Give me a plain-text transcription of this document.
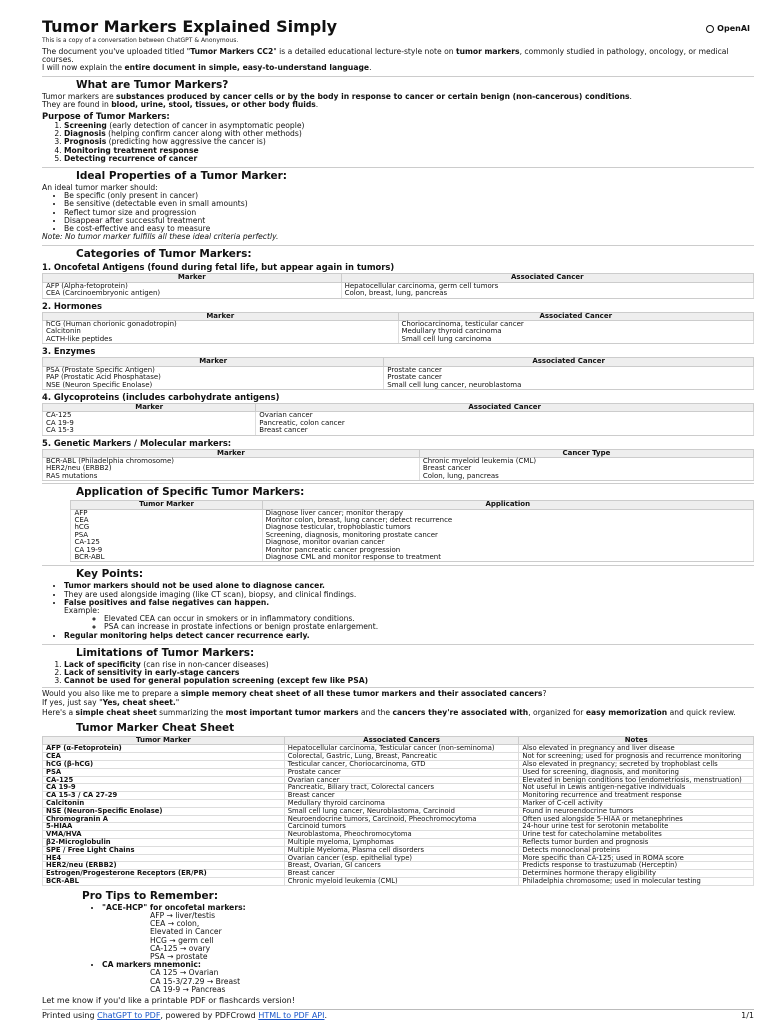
Tumor Markers Explained Simply	OpenAI
This is a copy of a conversation between ChatGPT & Anonymous.

The document you've uploaded titled "Tumor Markers CC2" is a detailed educational lecture-style note on tumor markers, commonly studied in pathology, oncology, or medical courses.

I will now explain the entire document in simple, easy-to-understand language.

What are Tumor Markers?

Tumor markers are substances produced by cancer cells or by the body in response to cancer or certain benign (non-cancerous) conditions.

They are found in blood, urine, stool, tissues, or other body fluids.

Purpose of Tumor Markers:
1. Screening (early detection of cancer in asymptomatic people)
2. Diagnosis (helping confirm cancer along with other methods)
3. Prognosis (predicting how aggressive the cancer is)
4. Monitoring treatment response
5. Detecting recurrence of cancer
Ideal Properties of a Tumor Marker:

An ideal tumor marker should:

• Be specific (only present in cancer)
• Be sensitive (detectable even in small amounts)
• Reflect tumor size and progression
• Disappear after successful treatment
• Be cost-effective and easy to measure

Note: No tumor marker fulfills all these ideal criteria perfectly.

Categories of Tumor Markers:
1. Oncofetal Antigens (found during fetal life, but appear again in tumors)
Marker	Associated Cancer
AFP (Alpha-fetoprotein)	Hepatocellular carcinoma, germ cell tumors
CEA (Carcinoembryonic antigen)	Colon, breast, lung, pancreas
2. Hormones
Marker	Associated Cancer
hCG (Human chorionic gonadotropin)	Choriocarcinoma, testicular cancer
Calcitonin	Medullary thyroid carcinoma
ACTH-like peptides	Small cell lung carcinoma
3. Enzymes
Marker	Associated Cancer
PSA (Prostate Specific Antigen)	Prostate cancer
PAP (Prostatic Acid Phosphatase)	Prostate cancer
NSE (Neuron Specific Enolase)	Small cell lung cancer, neuroblastoma
4. Glycoproteins (includes carbohydrate antigens)
Marker	Associated Cancer
CA-125	Ovarian cancer
CA 19-9	Pancreatic, colon cancer
CA 15-3	Breast cancer
5. Genetic Markers / Molecular markers:
Marker	Cancer Type
BCR-ABL (Philadelphia chromosome)	Chronic myeloid leukemia (CML)
HER2/neu (ERBB2)	Breast cancer
RAS mutations	Colon, lung, pancreas
Application of Specific Tumor Markers:
Tumor Marker	Application
AFP	Diagnose liver cancer; monitor therapy
CEA	Monitor colon, breast, lung cancer; detect recurrence
hCG	Diagnose testicular, trophoblastic tumors
PSA	Screening, diagnosis, monitoring prostate cancer
CA-125	Diagnose, monitor ovarian cancer
CA 19-9	Monitor pancreatic cancer progression
BCR-ABL	Diagnose CML and monitor response to treatment
Key Points:
• Tumor markers should not be used alone to diagnose cancer.
• They are used alongside imaging (like CT scan), biopsy, and clinical findings.
• False positives and false negatives can happen.
Example:
◦ Elevated CEA can occur in smokers or in inflammatory conditions.
◦ PSA can increase in prostate infections or benign prostate enlargement.
• Regular monitoring helps detect cancer recurrence early.
Limitations of Tumor Markers:
1. Lack of specificity (can rise in non-cancer diseases)
2. Lack of sensitivity in early-stage cancers
3. Cannot be used for general population screening (except few like PSA)

Would you also like me to prepare a simple memory cheat sheet of all these tumor markers and their associated cancers?

If yes, just say "Yes, cheat sheet."

Here's a simple cheat sheet summarizing the most important tumor markers and the cancers they're associated with, organized for easy memorization and quick review.

Tumor Marker Cheat Sheet
Tumor Marker	Associated Cancers	Notes
AFP (α-Fetoprotein)	Hepatocellular carcinoma, Testicular cancer (non-seminoma)	Also elevated in pregnancy and liver disease
CEA	Colorectal, Gastric, Lung, Breast, Pancreatic	Not for screening; used for prognosis and recurrence monitoring
hCG (β-hCG)	Testicular cancer, Choriocarcinoma, GTD	Also elevated in pregnancy; secreted by trophoblast cells
PSA	Prostate cancer	Used for screening, diagnosis, and monitoring
CA-125	Ovarian cancer	Elevated in benign conditions too (endometriosis, menstruation)
CA 19-9	Pancreatic, Biliary tract, Colorectal cancers	Not useful in Lewis antigen-negative individuals
CA 15-3 / CA 27-29	Breast cancer	Monitoring recurrence and treatment response
Calcitonin	Medullary thyroid carcinoma	Marker of C-cell activity
NSE (Neuron-Specific Enolase)	Small cell lung cancer, Neuroblastoma, Carcinoid	Found in neuroendocrine tumors
Chromogranin A	Neuroendocrine tumors, Carcinoid, Pheochromocytoma	Often used alongside 5-HIAA or metanephrines
5-HIAA	Carcinoid tumors	24-hour urine test for serotonin metabolite
VMA/HVA	Neuroblastoma, Pheochromocytoma	Urine test for catecholamine metabolites
β2-Microglobulin	Multiple myeloma, Lymphomas	Reflects tumor burden and prognosis
SPE / Free Light Chains	Multiple Myeloma, Plasma cell disorders	Detects monoclonal proteins
HE4	Ovarian cancer (esp. epithelial type)	More specific than CA-125; used in ROMA score
HER2/neu (ERBB2)	Breast, Ovarian, GI cancers	Predicts response to trastuzumab (Herceptin)
Estrogen/Progesterone Receptors (ER/PR)	Breast cancer	Determines hormone therapy eligibility
BCR-ABL	Chronic myeloid leukemia (CML)	Philadelphia chromosome; used in molecular testing
Pro Tips to Remember:
• "ACE-HCP" for oncofetal markers:
AFP → liver/testis
CEA → colon,
Elevated in Cancer
HCG → germ cell
CA-125 → ovary
PSA → prostate
• CA markers mnemonic:
CA 125 → Ovarian
CA 15-3/27.29 → Breast
CA 19-9 → Pancreas

Let me know if you'd like a printable PDF or flashcards version!

Printed using ChatGPT to PDF, powered by PDFCrowd HTML to PDF API.	1/1
